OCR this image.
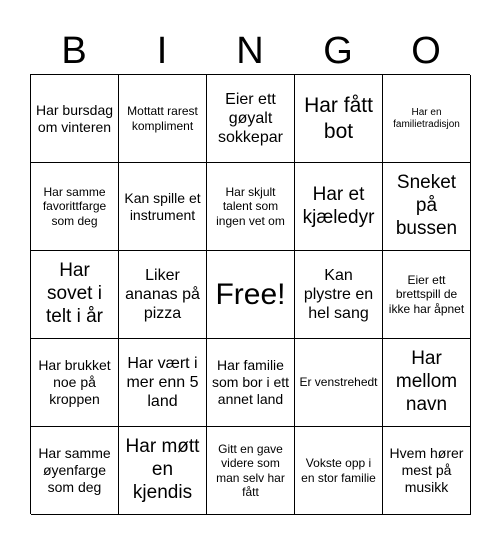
B	I	N	G	O
Har bursdag om vinteren
Mottatt rarest kompliment
Eier ett gøyalt sokkepar
Har fått bot
Har en familietradisjon
Har samme favorittfarge som deg
Kan spille et instrument
Har skjult talent som ingen vet om
Har et kjæledyr
Sneket på bussen
Har sovet i telt i år
Liker ananas på pizza
Free!
Kan plystre en hel sang
Eier ett brettspill de ikke har åpnet
Har brukket noe på kroppen
Har vært i mer enn 5 land
Har familie som bor i ett annet land
Er venstrehedt
Har mellom navn
Har samme øyenfarge som deg
Har møtt en kjendis
Gitt en gave videre som man selv har fått
Vokste opp i en stor familie
Hvem hører mest på musikk
